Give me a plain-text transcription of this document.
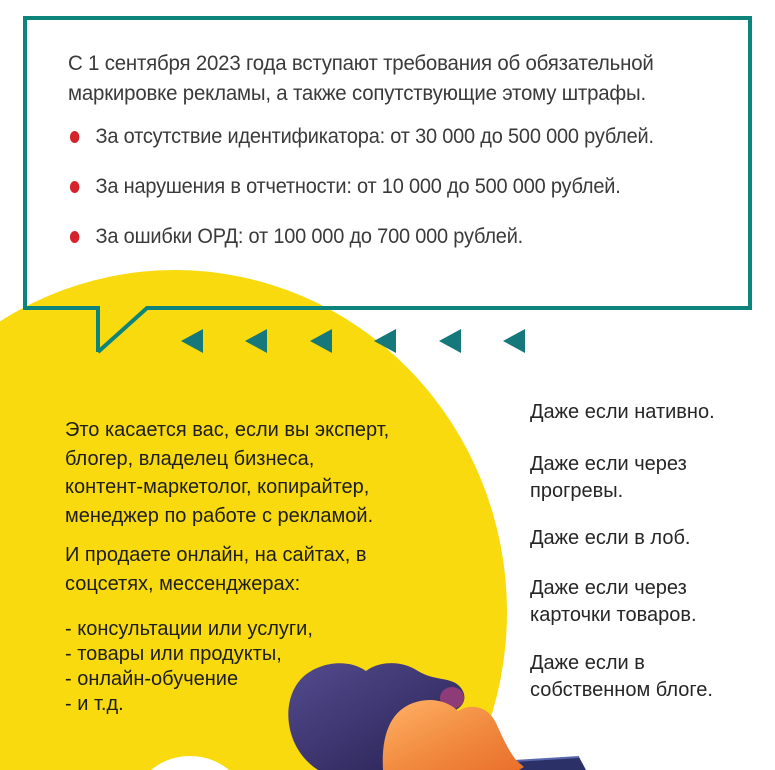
С 1 сентября 2023 года вступают требования об обязательной
маркировке рекламы, а также сопутствующие этому штрафы.
За отсутствие идентификатора: от 30 000 до 500 000 рублей.
За нарушения в отчетности: от 10 000 до 500 000 рублей.
За ошибки ОРД: от 100 000 до 700 000 рублей.
Это касается вас, если вы эксперт,
блогер, владелец бизнеса,
контент-маркетолог, копирайтер,
менеджер по работе с рекламой.
И продаете онлайн, на сайтах, в
соцсетях, мессенджерах:
- консультации или услуги,
- товары или продукты,
- онлайн-обучение
- и т.д.
Даже если нативно.
Даже если через
прогревы.
Даже если в лоб.
Даже если через
карточки товаров.
Даже если в
собственном блоге.
